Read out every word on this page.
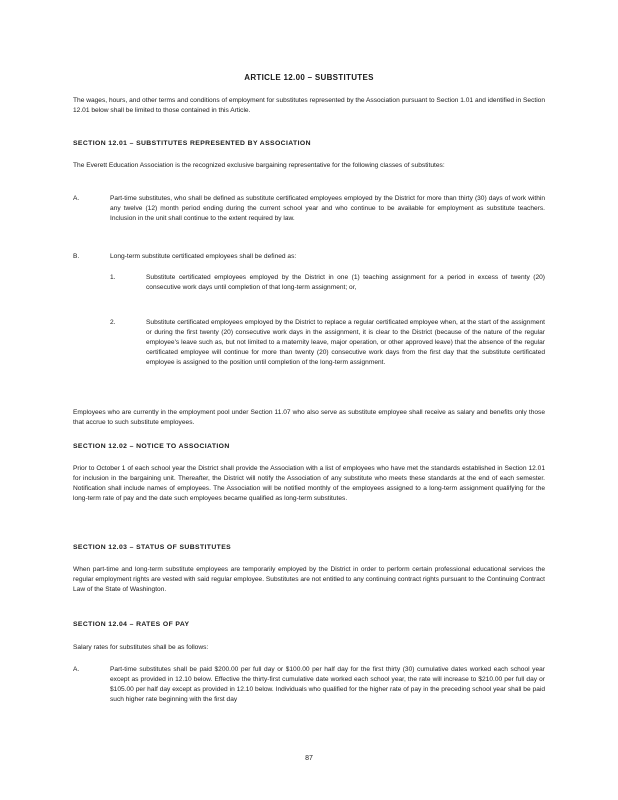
ARTICLE 12.00 – SUBSTITUTES
The wages, hours, and other terms and conditions of employment for substitutes represented by the Association pursuant to Section 1.01 and identified in Section 12.01 below shall be limited to those contained in this Article.
SECTION 12.01 – SUBSTITUTES REPRESENTED BY ASSOCIATION
The Everett Education Association is the recognized exclusive bargaining representative for the following classes of substitutes:
A.	Part-time substitutes, who shall be defined as substitute certificated employees employed by the District for more than thirty (30) days of work within any twelve (12) month period ending during the current school year and who continue to be available for employment as substitute teachers. Inclusion in the unit shall continue to the extent required by law.
B.	Long-term substitute certificated employees shall be defined as:
1.	Substitute certificated employees employed by the District in one (1) teaching assignment for a period in excess of twenty (20) consecutive work days until completion of that long-term assignment; or,
2.	Substitute certificated employees employed by the District to replace a regular certificated employee when, at the start of the assignment or during the first twenty (20) consecutive work days in the assignment, it is clear to the District (because of the nature of the regular employee's leave such as, but not limited to a maternity leave, major operation, or other approved leave) that the absence of the regular certificated employee will continue for more than twenty (20) consecutive work days from the first day that the substitute certificated employee is assigned to the position until completion of the long-term assignment.
Employees who are currently in the employment pool under Section 11.07 who also serve as substitute employee shall receive as salary and benefits only those that accrue to such substitute employees.
SECTION 12.02 – NOTICE TO ASSOCIATION
Prior to October 1 of each school year the District shall provide the Association with a list of employees who have met the standards established in Section 12.01 for inclusion in the bargaining unit. Thereafter, the District will notify the Association of any substitute who meets these standards at the end of each semester. Notification shall include names of employees. The Association will be notified monthly of the employees assigned to a long-term assignment qualifying for the long-term rate of pay and the date such employees became qualified as long-term substitutes.
SECTION 12.03 – STATUS OF SUBSTITUTES
When part-time and long-term substitute employees are temporarily employed by the District in order to perform certain professional educational services the regular employment rights are vested with said regular employee. Substitutes are not entitled to any continuing contract rights pursuant to the Continuing Contract Law of the State of Washington.
SECTION 12.04 – RATES OF PAY
Salary rates for substitutes shall be as follows:
A.	Part-time substitutes shall be paid $200.00 per full day or $100.00 per half day for the first thirty (30) cumulative dates worked each school year except as provided in 12.10 below. Effective the thirty-first cumulative date worked each school year, the rate will increase to $210.00 per full day or $105.00 per half day except as provided in 12.10 below. Individuals who qualified for the higher rate of pay in the preceding school year shall be paid such higher rate beginning with the first day
87
